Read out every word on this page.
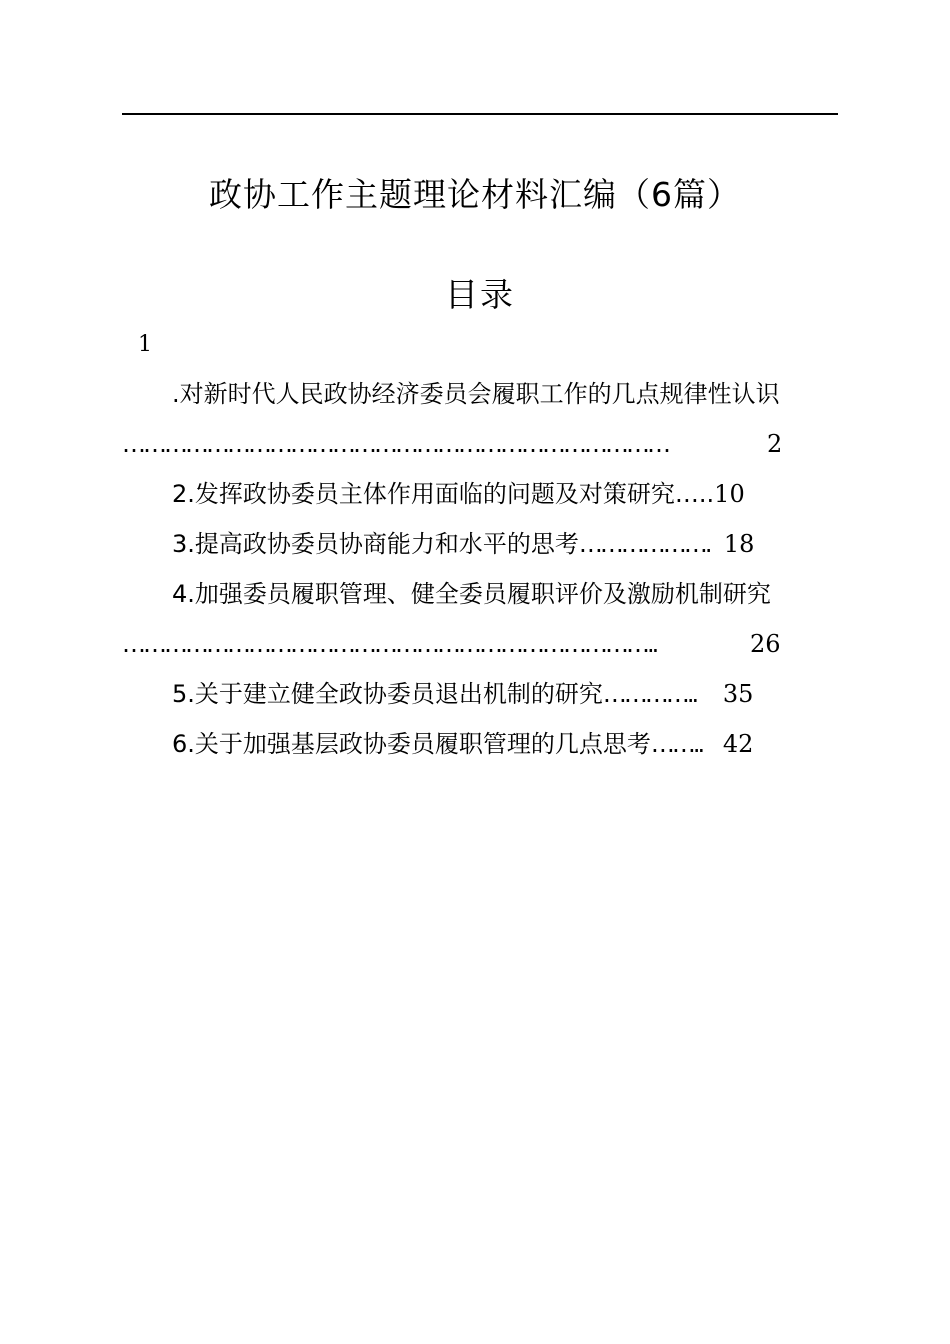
政协工作主题理论材料汇编（6篇）
目录
1
.对新时代人民政协经济委员会履职工作的几点规律性认识
……………………………………………………………………	2
2.发挥政协委员主体作用面临的问题及对策研究…..10
3.提高政协委员协商能力和水平的思考………………. 18
4.加强委员履职管理、健全委员履职评价及激励机制研究
…………………………………………………………………..	26
5.关于建立健全政协委员退出机制的研究………….. 35
6.关于加强基层政协委员履职管理的几点思考…….. 42
